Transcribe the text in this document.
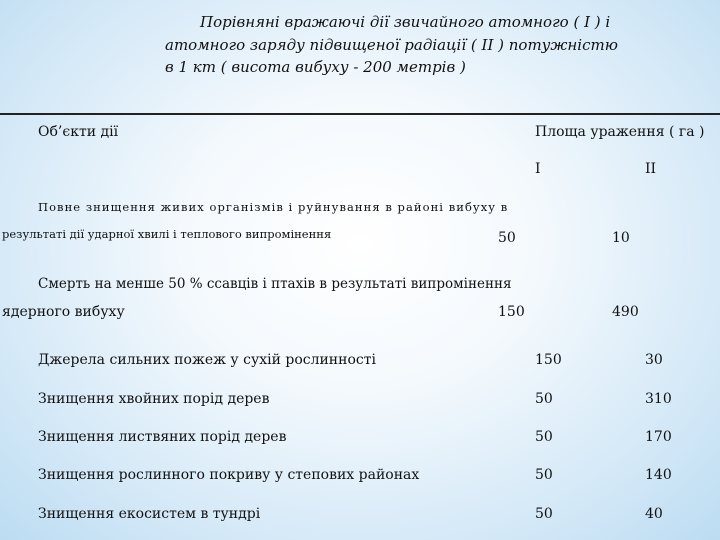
Порівняні вражаючі дії звичайного атомного ( I ) і
атомного заряду підвищеної радіації ( II ) потужністю
в 1 кт ( висота вибуху - 200 метрів )
Об’єкти дії	Площа ураження ( га )
I	II
Повне знищення живих організмів і руйнування в районі вибуху в
результаті дії ударної хвилі і теплового випромінення	50	10
Смерть на менше 50 % ссавців і птахів в результаті випромінення
ядерного вибуху	150	490
Джерела сильних пожеж у сухій рослинності	150	30
Знищення хвойних порід дерев	50	310
Знищення листвяних порід дерев	50	170
Знищення рослинного покриву у степових районах	50	140
Знищення екосистем в тундрі	50	40
